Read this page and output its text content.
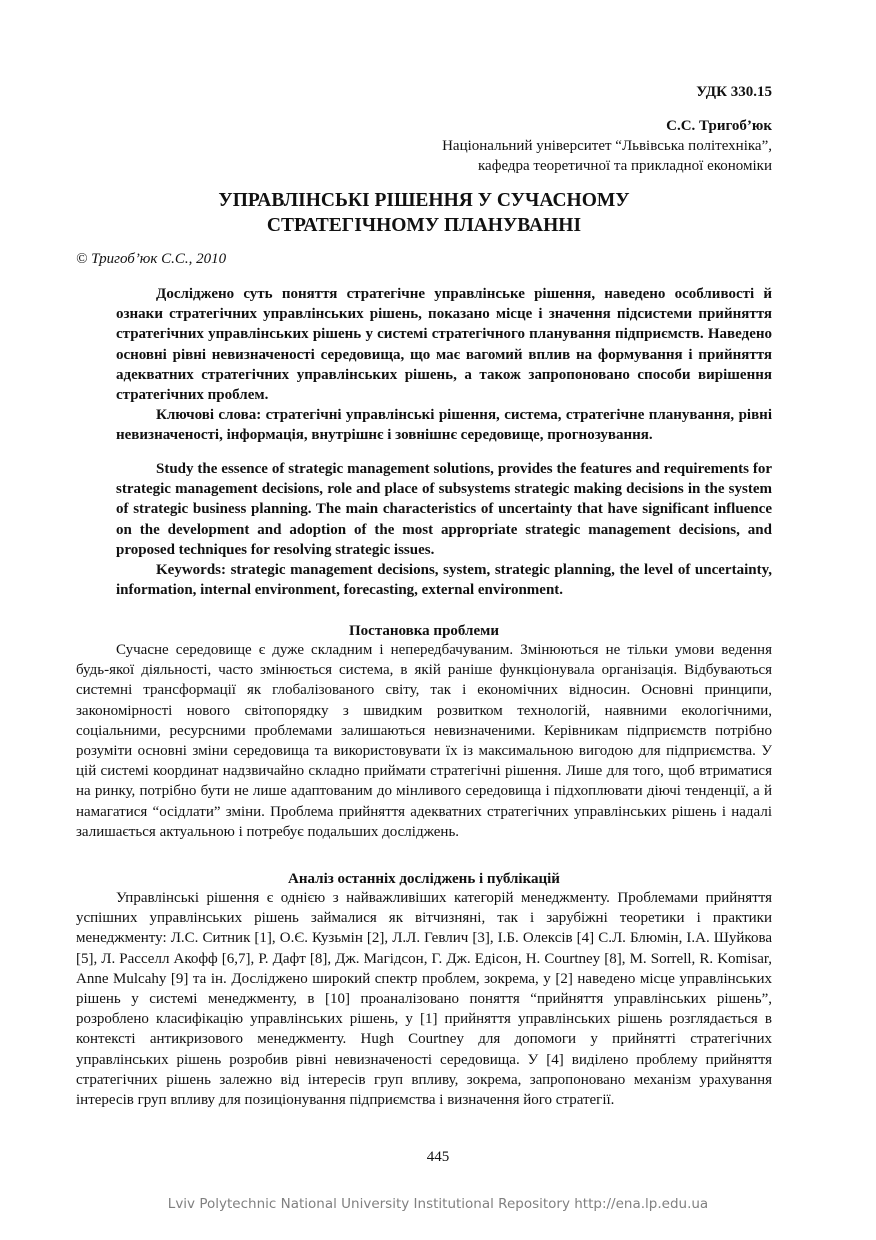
УДК 330.15
С.С. Тригоб’юк
Національний університет “Львівська політехніка”,
кафедра теоретичної та прикладної економіки
УПРАВЛІНСЬКІ РІШЕННЯ У СУЧАСНОМУ
СТРАТЕГІЧНОМУ ПЛАНУВАННІ
© Тригоб’юк С.С., 2010

Досліджено суть поняття стратегічне управлінське рішення, наведено особливості й ознаки стратегічних управлінських рішень, показано місце і значення підсистеми прийняття стратегічних управлінських рішень у системі стратегічного планування підприємств. Наведено основні рівні невизначеності середовища, що має вагомий вплив на формування і прийняття адекватних стратегічних управлінських рішень, а також запропоновано способи вирішення стратегічних проблем.

Ключові слова: стратегічні управлінські рішення, система, стратегічне планування, рівні невизначеності, інформація, внутрішнє і зовнішнє середовище, прогнозування.

Study the essence of strategic management solutions, provides the features and requirements for strategic management decisions, role and place of subsystems strategic making decisions in the system of strategic business planning. The main characteristics of uncertainty that have significant influence on the development and adoption of the most appropriate strategic management decisions, and proposed techniques for resolving strategic issues.

Keywords: strategic management decisions, system, strategic planning, the level of uncertainty, information, internal environment, forecasting, external environment.

Постановка проблеми

Сучасне середовище є дуже складним і непередбачуваним. Змінюються не тільки умови ведення будь-якої діяльності, часто змінюється система, в якій раніше функціонувала організація. Відбуваються системні трансформації як глобалізованого світу, так і економічних відносин. Основні принципи, закономірності нового світопорядку з швидким розвитком технологій, наявними екологічними, соціальними, ресурсними проблемами залишаються невизначеними. Керівникам підприємств потрібно розуміти основні зміни середовища та використовувати їх із максимальною вигодою для підприємства. У цій системі координат надзвичайно складно приймати стратегічні рішення. Лише для того, щоб втриматися на ринку, потрібно бути не лише адаптованим до мінливого середовища і підхоплювати діючі тенденції, а й намагатися “осідлати” зміни. Проблема прийняття адекватних стратегічних управлінських рішень і надалі залишається актуальною і потребує подальших досліджень.

Аналіз останніх досліджень і публікацій

Управлінські рішення є однією з найважливіших категорій менеджменту. Проблемами прийняття успішних управлінських рішень займалися як вітчизняні, так і зарубіжні теоретики і практики менеджменту: Л.С. Ситник [1], О.Є. Кузьмін [2], Л.Л. Гевлич [3], І.Б. Олексів [4] С.Л. Блюмін, І.А. Шуйкова [5], Л. Расселл Акофф [6,7], Р. Дафт [8], Дж. Магідсон, Г. Дж. Едісон, H. Courtney [8], M. Sorrell, R. Komisar, Anne Mulcahy [9] та ін. Досліджено широкий спектр проблем, зокрема, у [2] наведено місце управлінських рішень у системі менеджменту, в [10] проаналізовано поняття “прийняття управлінських рішень”, розроблено класифікацію управлінських рішень, у [1] прийняття управлінських рішень розглядається в контексті антикризового менеджменту. Hugh Courtney для допомоги у прийнятті стратегічних управлінських рішень розробив рівні невизначеності середовища. У [4] виділено проблему прийняття стратегічних рішень залежно від інтересів груп впливу, зокрема, запропоновано механізм урахування інтересів груп впливу для позиціонування підприємства і визначення його стратегії.

445
Lviv Polytechnic National University Institutional Repository http://ena.lp.edu.ua
